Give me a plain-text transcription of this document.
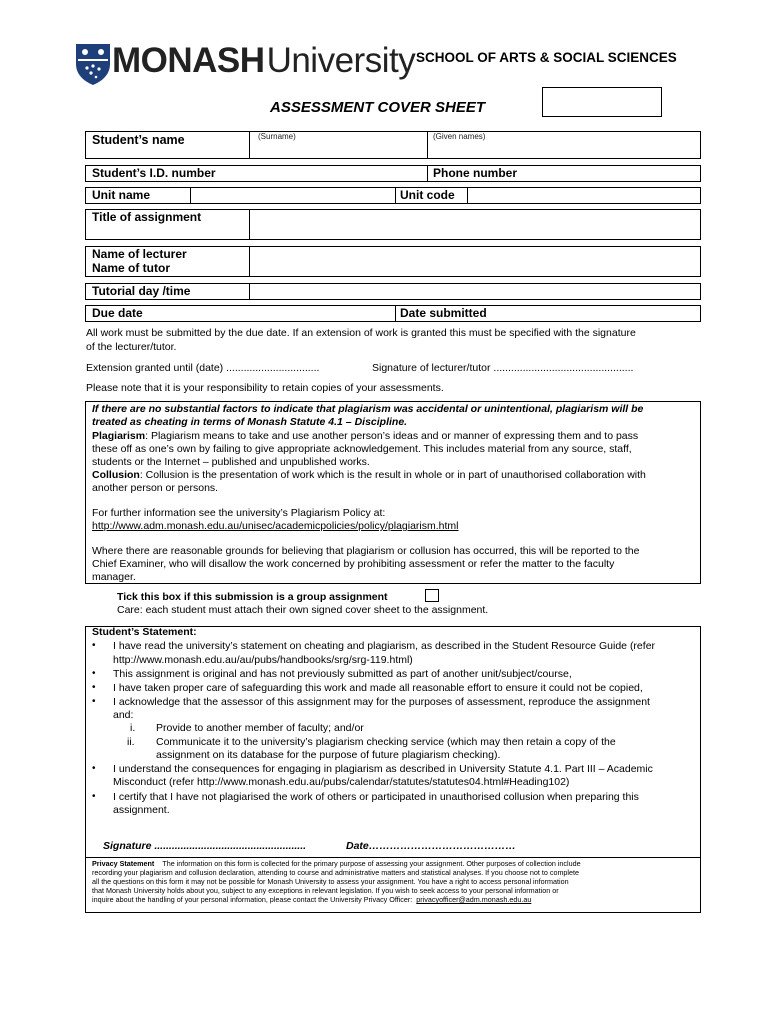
MONASHUniversity SCHOOL OF ARTS & SOCIAL SCIENCES
ASSESSMENT COVER SHEET
Student’s name	(Surname)	(Given names)
Student’s I.D. number	Phone number
Unit name	Unit code
Title of assignment
Name of lecturer
Name of tutor
Tutorial day /time
Due date	Date submitted
All work must be submitted by the due date. If an extension of work is granted this must be specified with the signature
of the lecturer/tutor.
Extension granted until (date) ................................	Signature of lecturer/tutor ................................................
Please note that it is your responsibility to retain copies of your assessments.
If there are no substantial factors to indicate that plagiarism was accidental or unintentional, plagiarism will be
treated as cheating in terms of Monash Statute 4.1 – Discipline.
Plagiarism: Plagiarism means to take and use another person’s ideas and or manner of expressing them and to pass
these off as one’s own by failing to give appropriate acknowledgement. This includes material from any source, staff,
students or the Internet – published and unpublished works.
Collusion: Collusion is the presentation of work which is the result in whole or in part of unauthorised collaboration with
another person or persons.
For further information see the university’s Plagiarism Policy at:
http://www.adm.monash.edu.au/unisec/academicpolicies/policy/plagiarism.html
Where there are reasonable grounds for believing that plagiarism or collusion has occurred, this will be reported to the
Chief Examiner, who will disallow the work concerned by prohibiting assessment or refer the matter to the faculty
manager.
Tick this box if this submission is a group assignment
Care: each student must attach their own signed cover sheet to the assignment.
Student’s Statement:
• I have read the university’s statement on cheating and plagiarism, as described in the Student Resource Guide (refer
http://www.monash.edu.au/au/pubs/handbooks/srg/srg-119.html)
• This assignment is original and has not previously submitted as part of another unit/subject/course,
• I have taken proper care of safeguarding this work and made all reasonable effort to ensure it could not be copied,
• I acknowledge that the assessor of this assignment may for the purposes of assessment, reproduce the assignment
and:
i. Provide to another member of faculty; and/or
ii. Communicate it to the university’s plagiarism checking service (which may then retain a copy of the
assignment on its database for the purpose of future plagiarism checking).
• I understand the consequences for engaging in plagiarism as described in University Statute 4.1. Part III – Academic
Misconduct (refer http://www.monash.edu.au/pubs/calendar/statutes/statutes04.html#Heading102)
• I certify that I have not plagiarised the work of others or participated in unauthorised collusion when preparing this
assignment.
Signature ....................................................	Date……………………………………
Privacy Statement The information on this form is collected for the primary purpose of assessing your assignment. Other purposes of collection include
recording your plagiarism and collusion declaration, attending to course and administrative matters and statistical analyses. If you choose not to complete
all the questions on this form it may not be possible for Monash University to assess your assignment. You have a right to access personal information
that Monash University holds about you, subject to any exceptions in relevant legislation. If you wish to seek access to your personal information or
inquire about the handling of your personal information, please contact the University Privacy Officer: privacyofficer@adm.monash.edu.au
